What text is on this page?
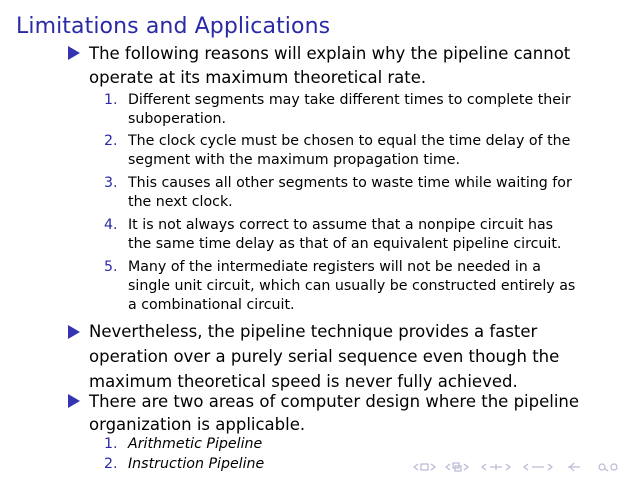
Limitations and Applications
The following reasons will explain why the pipeline cannot
operate at its maximum theoretical rate.
1. Different segments may take different times to complete their
suboperation.
2. The clock cycle must be chosen to equal the time delay of the
segment with the maximum propagation time.
3. This causes all other segments to waste time while waiting for
the next clock.
4. It is not always correct to assume that a nonpipe circuit has
the same time delay as that of an equivalent pipeline circuit.
5. Many of the intermediate registers will not be needed in a
single unit circuit, which can usually be constructed entirely as
a combinational circuit.
Nevertheless, the pipeline technique provides a faster
operation over a purely serial sequence even though the
maximum theoretical speed is never fully achieved.
There are two areas of computer design where the pipeline
organization is applicable.
1. Arithmetic Pipeline
2. Instruction Pipeline
